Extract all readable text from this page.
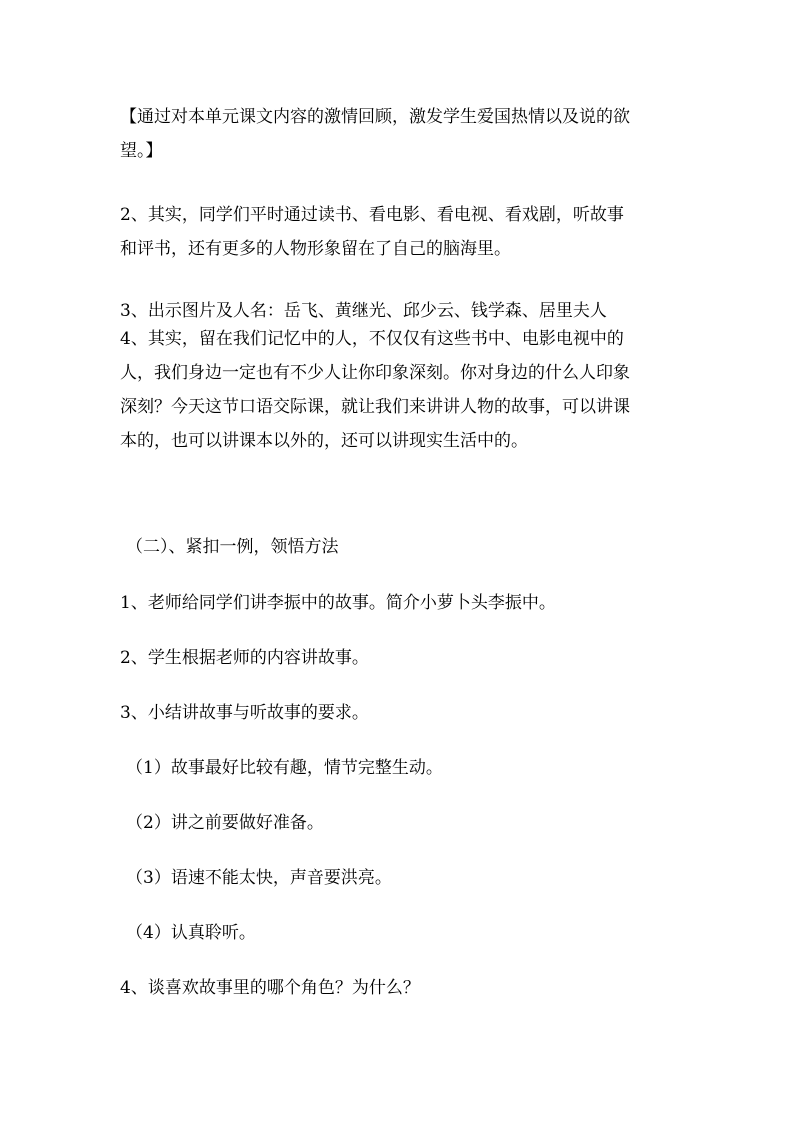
【通过对本单元课文内容的激情回顾，激发学生爱国热情以及说的欲
望。】

2、其实，同学们平时通过读书、看电影、看电视、看戏剧，听故事
和评书，还有更多的人物形象留在了自己的脑海里。

3、出示图片及人名：岳飞、黄继光、邱少云、钱学森、居里夫人

4、其实，留在我们记忆中的人，不仅仅有这些书中、电影电视中的

人，我们身边一定也有不少人让你印象深刻。你对身边的什么人印象
深刻？今天这节口语交际课，就让我们来讲讲人物的故事，可以讲课
本的，也可以讲课本以外的，还可以讲现实生活中的。

（二）、紧扣一例，领悟方法

1、老师给同学们讲李振中的故事。简介小萝卜头李振中。

2、学生根据老师的内容讲故事。

3、小结讲故事与听故事的要求。

（1）故事最好比较有趣，情节完整生动。

（2）讲之前要做好准备。

（3）语速不能太快，声音要洪亮。

（4）认真聆听。

4、谈喜欢故事里的哪个角色？为什么？
